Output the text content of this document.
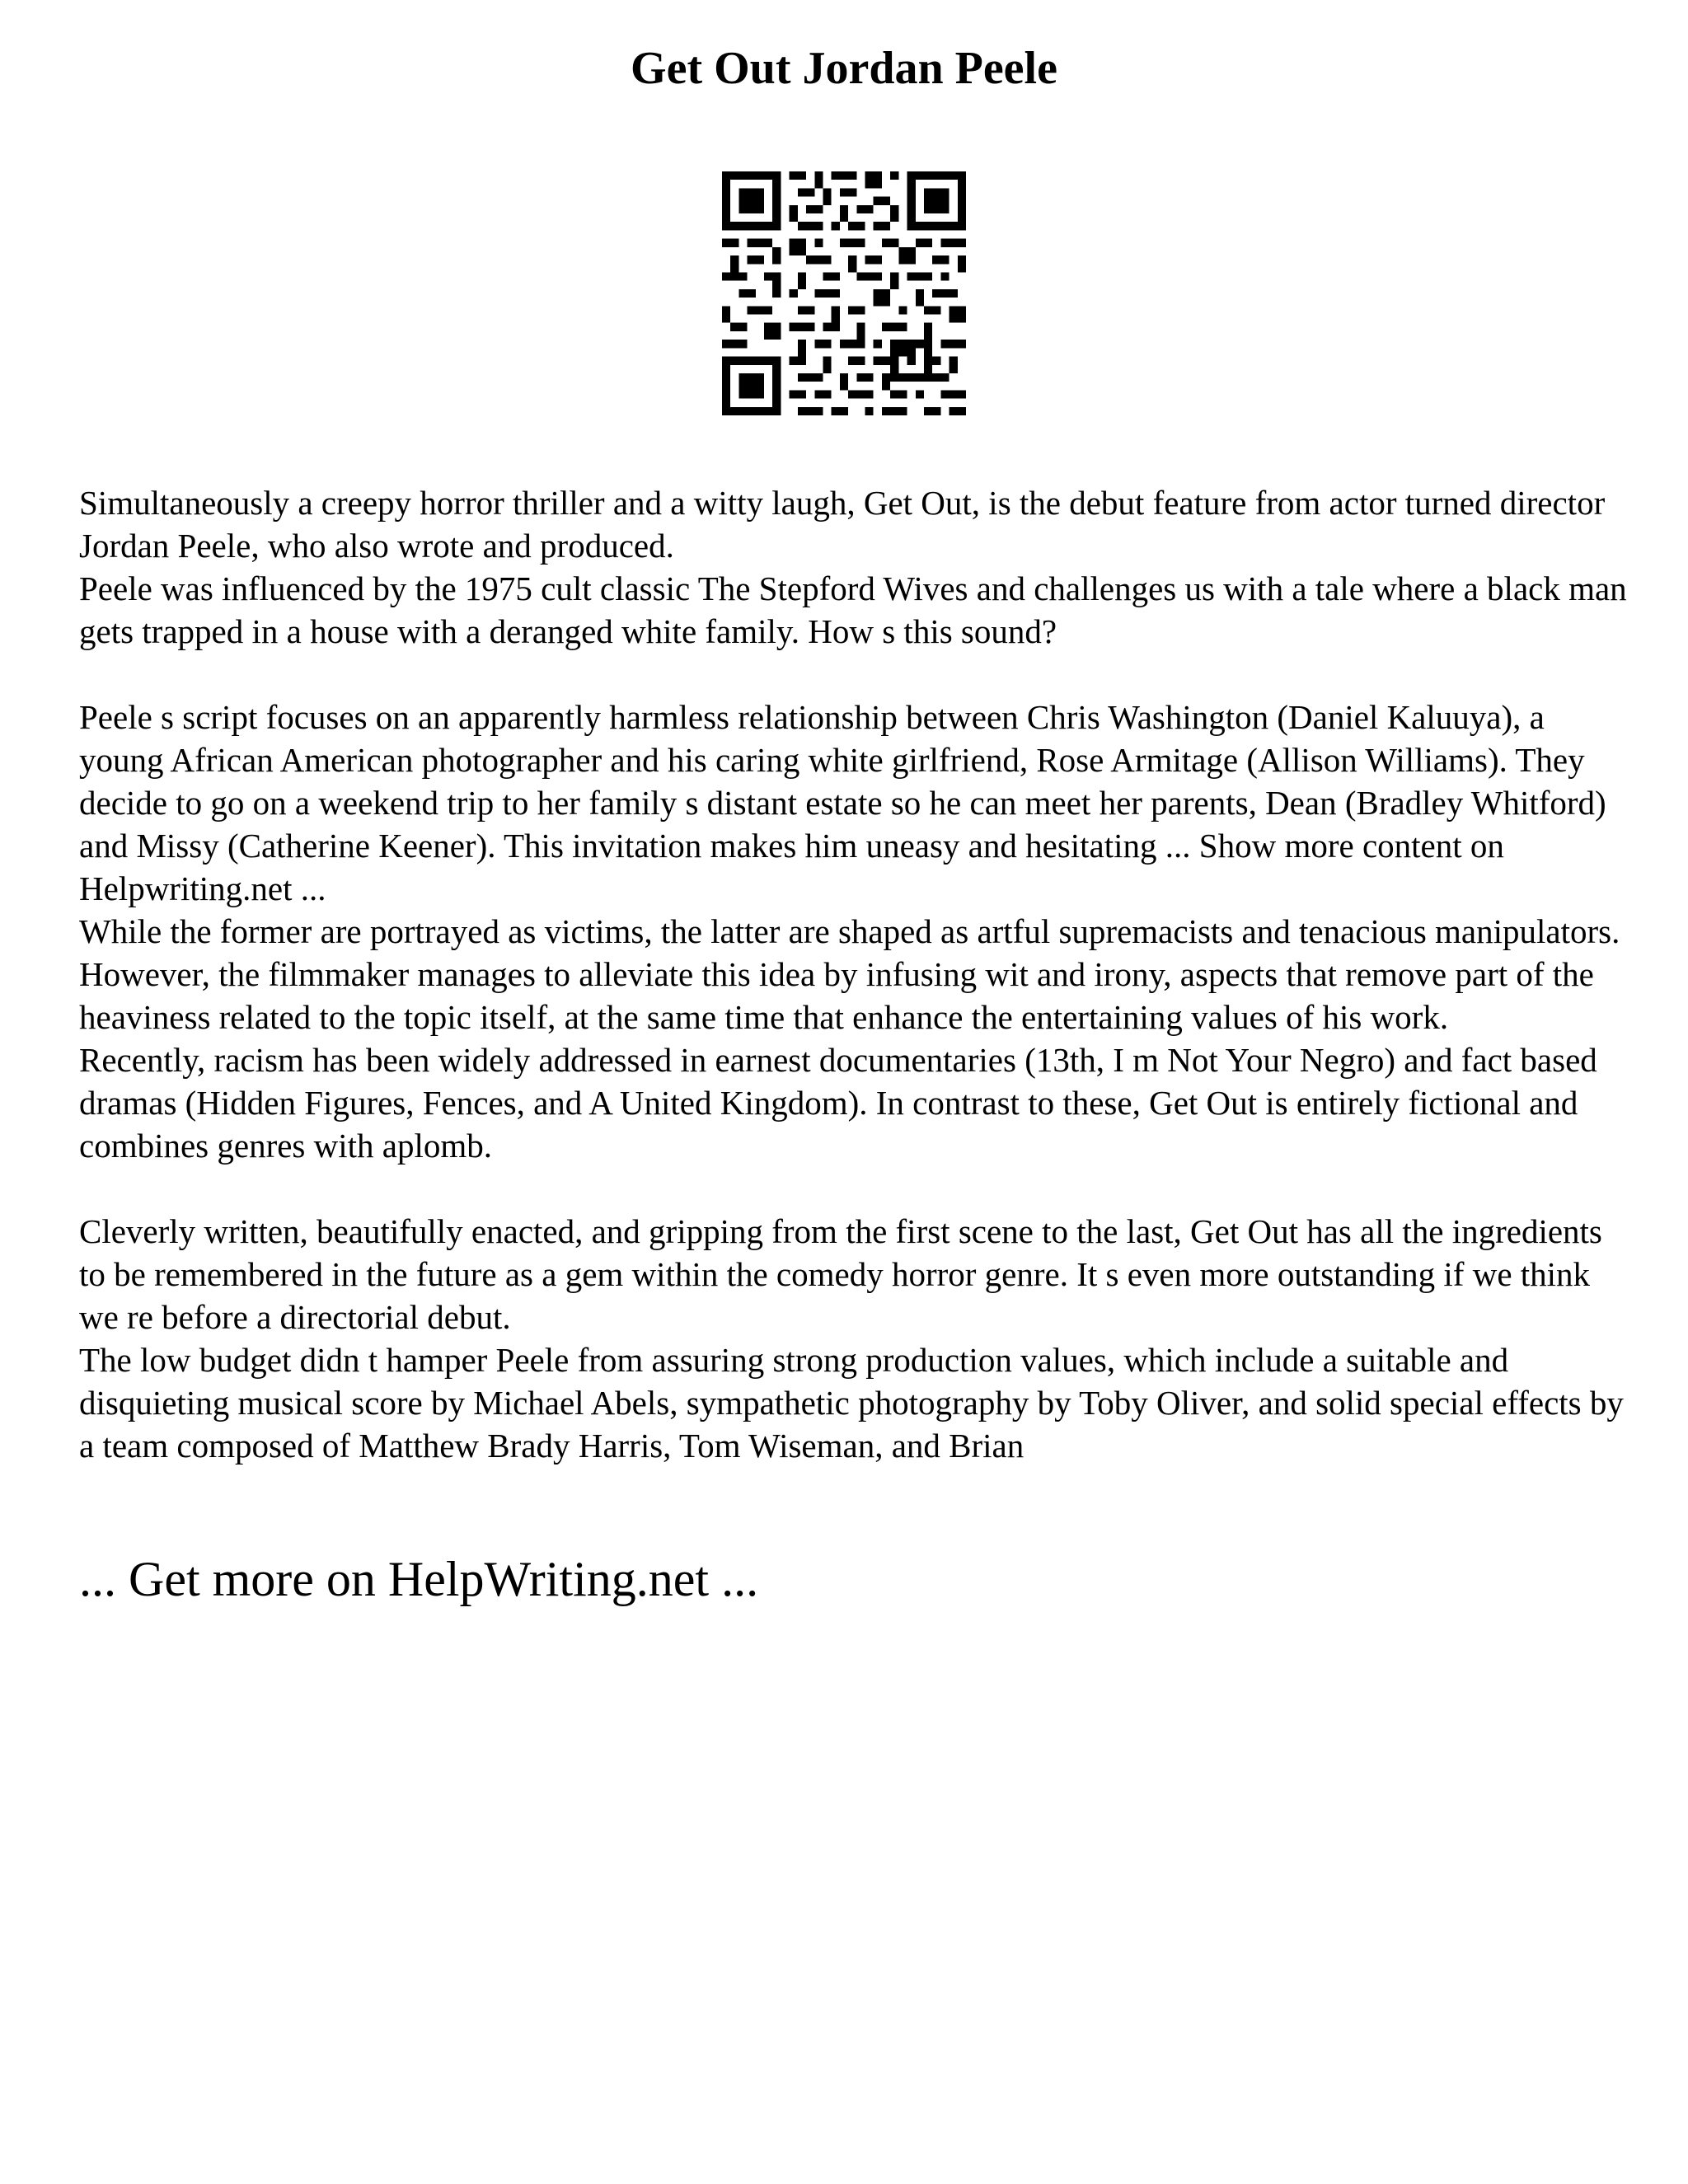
Get Out Jordan Peele

Simultaneously a creepy horror thriller and a witty laugh, Get Out, is the debut feature from actor turned director Jordan Peele, who also wrote and produced.

Peele was influenced by the 1975 cult classic The Stepford Wives and challenges us with a tale where a black man gets trapped in a house with a deranged white family. How s this sound?

Peele s script focuses on an apparently harmless relationship between Chris Washington (Daniel Kaluuya), a young African American photographer and his caring white girlfriend, Rose Armitage (Allison Williams). They decide to go on a weekend trip to her family s distant estate so he can meet her parents, Dean (Bradley Whitford) and Missy (Catherine Keener). This invitation makes him uneasy and hesitating ... Show more content on Helpwriting.net ...

While the former are portrayed as victims, the latter are shaped as artful supremacists and tenacious manipulators. However, the filmmaker manages to alleviate this idea by infusing wit and irony, aspects that remove part of the heaviness related to the topic itself, at the same time that enhance the entertaining values of his work.

Recently, racism has been widely addressed in earnest documentaries (13th, I m Not Your Negro) and fact based dramas (Hidden Figures, Fences, and A United Kingdom). In contrast to these, Get Out is entirely fictional and combines genres with aplomb.

Cleverly written, beautifully enacted, and gripping from the first scene to the last, Get Out has all the ingredients to be remembered in the future as a gem within the comedy horror genre. It s even more outstanding if we think we re before a directorial debut.

The low budget didn t hamper Peele from assuring strong production values, which include a suitable and disquieting musical score by Michael Abels, sympathetic photography by Toby Oliver, and solid special effects by a team composed of Matthew Brady Harris, Tom Wiseman, and Brian

... Get more on HelpWriting.net ...
